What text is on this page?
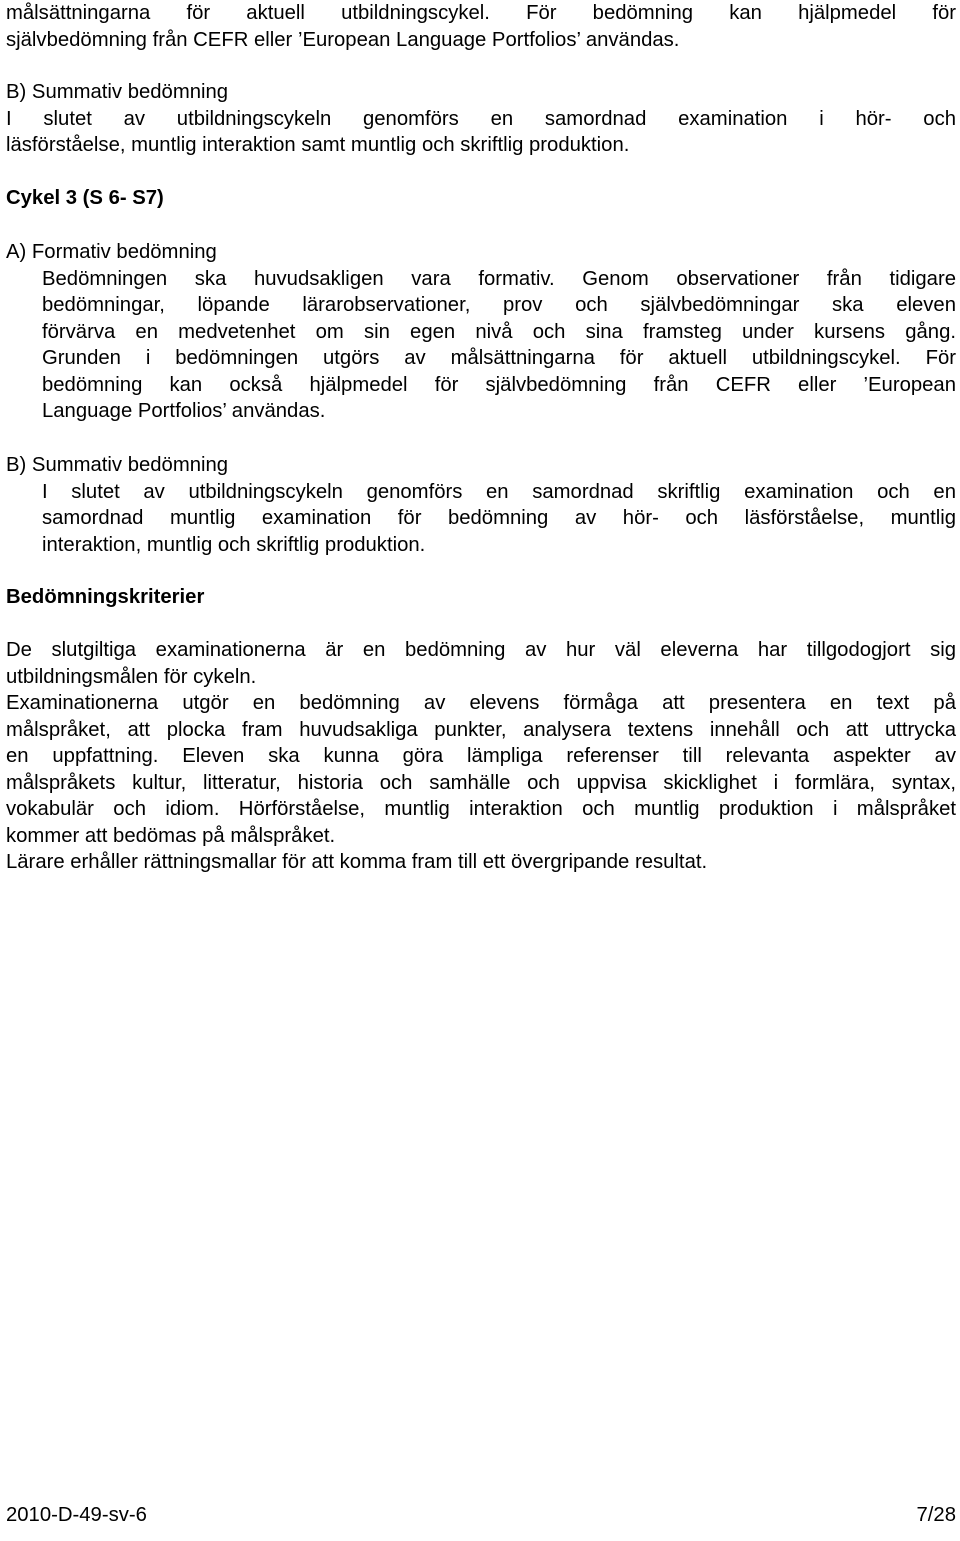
målsättningarna för aktuell utbildningscykel. För bedömning kan hjälpmedel för
självbedömning från CEFR eller ’European Language Portfolios’ användas.
B) Summativ bedömning
I slutet av utbildningscykeln genomförs en samordnad examination i hör- och
läsförståelse, muntlig interaktion samt muntlig och skriftlig produktion.
Cykel 3 (S 6- S7)
A) Formativ bedömning
Bedömningen ska huvudsakligen vara formativ. Genom observationer från tidigare
bedömningar, löpande lärarobservationer, prov och självbedömningar ska eleven
förvärva en medvetenhet om sin egen nivå och sina framsteg under kursens gång.
Grunden i bedömningen utgörs av målsättningarna för aktuell utbildningscykel. För
bedömning kan också hjälpmedel för självbedömning från CEFR eller ’European
Language Portfolios’ användas.
B) Summativ bedömning
I slutet av utbildningscykeln genomförs en samordnad skriftlig examination och en
samordnad muntlig examination för bedömning av hör- och läsförståelse, muntlig
interaktion, muntlig och skriftlig produktion.
Bedömningskriterier
De slutgiltiga examinationerna är en bedömning av hur väl eleverna har tillgodogjort sig
utbildningsmålen för cykeln.
Examinationerna utgör en bedömning av elevens förmåga att presentera en text på
målspråket, att plocka fram huvudsakliga punkter, analysera textens innehåll och att uttrycka
en uppfattning. Eleven ska kunna göra lämpliga referenser till relevanta aspekter av
målspråkets kultur, litteratur, historia och samhälle och uppvisa skicklighet i formlära, syntax,
vokabulär och idiom. Hörförståelse, muntlig interaktion och muntlig produktion i målspråket
kommer att bedömas på målspråket.
Lärare erhåller rättningsmallar för att komma fram till ett övergripande resultat.
2010-D-49-sv-6	7/28
